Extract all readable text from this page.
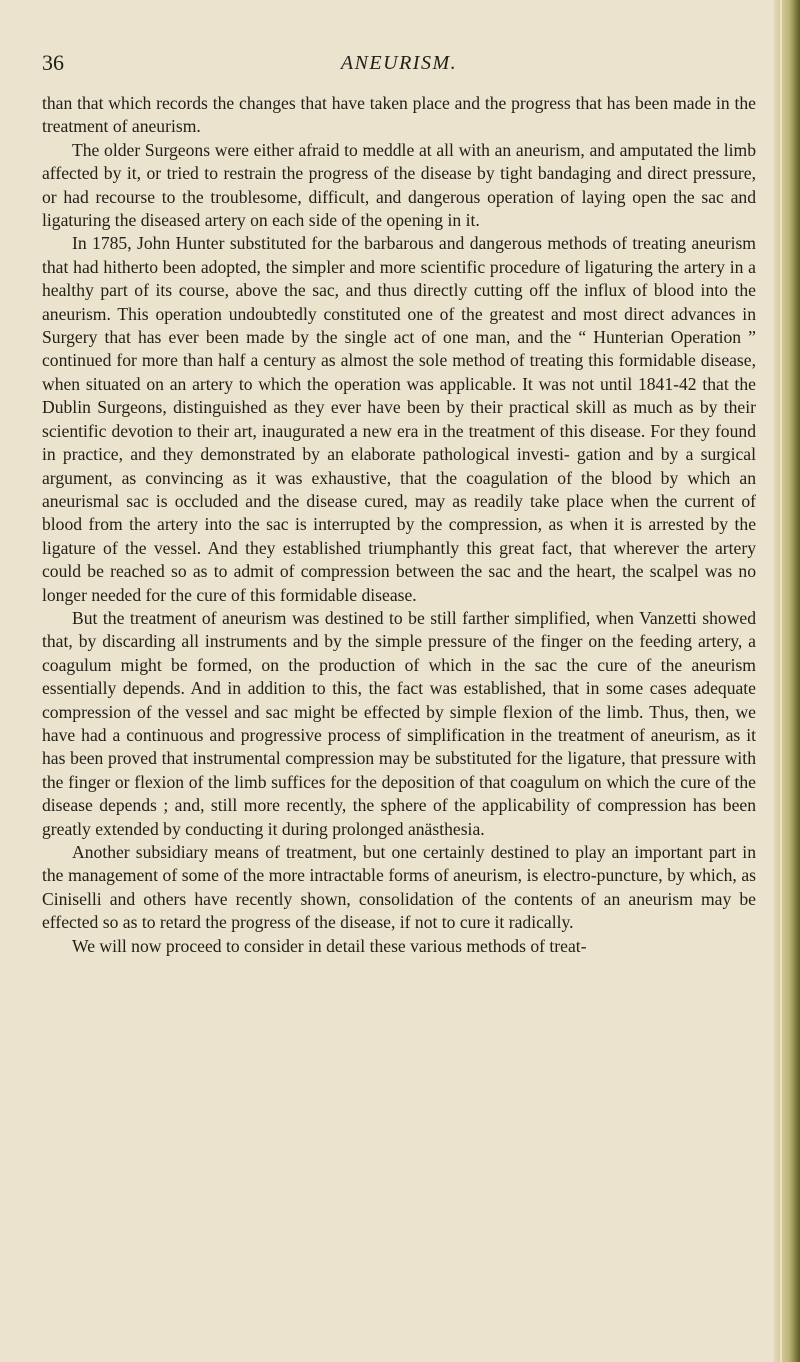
36	ANEURISM.

than that which records the changes that have taken place and the progress that has been made in the treatment of aneurism.

The older Surgeons were either afraid to meddle at all with an aneurism, and amputated the limb affected by it, or tried to restrain the progress of the disease by tight bandaging and direct pressure, or had recourse to the troublesome, difficult, and dangerous operation of laying open the sac and ligaturing the diseased artery on each side of the opening in it.

In 1785, John Hunter substituted for the barbarous and dangerous methods of treating aneurism that had hitherto been adopted, the simpler and more scientific procedure of ligaturing the artery in a healthy part of its course, above the sac, and thus directly cutting off the influx of blood into the aneurism. This operation undoubtedly constituted one of the greatest and most direct advances in Surgery that has ever been made by the single act of one man, and the “ Hunterian Operation ” continued for more than half a century as almost the sole method of treating this formidable disease, when situated on an artery to which the operation was applicable. It was not until 1841-42 that the Dublin Surgeons, distinguished as they ever have been by their practical skill as much as by their scientific devotion to their art, inaugurated a new era in the treatment of this disease. For they found in practice, and they demonstrated by an elaborate pathological investi- gation and by a surgical argument, as convincing as it was exhaustive, that the coagulation of the blood by which an aneurismal sac is occluded and the disease cured, may as readily take place when the current of blood from the artery into the sac is interrupted by the compression, as when it is arrested by the ligature of the vessel. And they established triumphantly this great fact, that wherever the artery could be reached so as to admit of compression between the sac and the heart, the scalpel was no longer needed for the cure of this formidable disease.

But the treatment of aneurism was destined to be still farther simplified, when Vanzetti showed that, by discarding all instruments and by the simple pressure of the finger on the feeding artery, a coagulum might be formed, on the production of which in the sac the cure of the aneurism essentially depends. And in addition to this, the fact was established, that in some cases adequate compression of the vessel and sac might be effected by simple flexion of the limb. Thus, then, we have had a continuous and progressive process of simplification in the treatment of aneurism, as it has been proved that instrumental compression may be substituted for the ligature, that pressure with the finger or flexion of the limb suffices for the deposition of that coagulum on which the cure of the disease depends ; and, still more recently, the sphere of the applicability of compression has been greatly extended by conducting it during prolonged anästhesia.

Another subsidiary means of treatment, but one certainly destined to play an important part in the management of some of the more intractable forms of aneurism, is electro-puncture, by which, as Ciniselli and others have recently shown, consolidation of the contents of an aneurism may be effected so as to retard the progress of the disease, if not to cure it radically.

We will now proceed to consider in detail these various methods of treat-
